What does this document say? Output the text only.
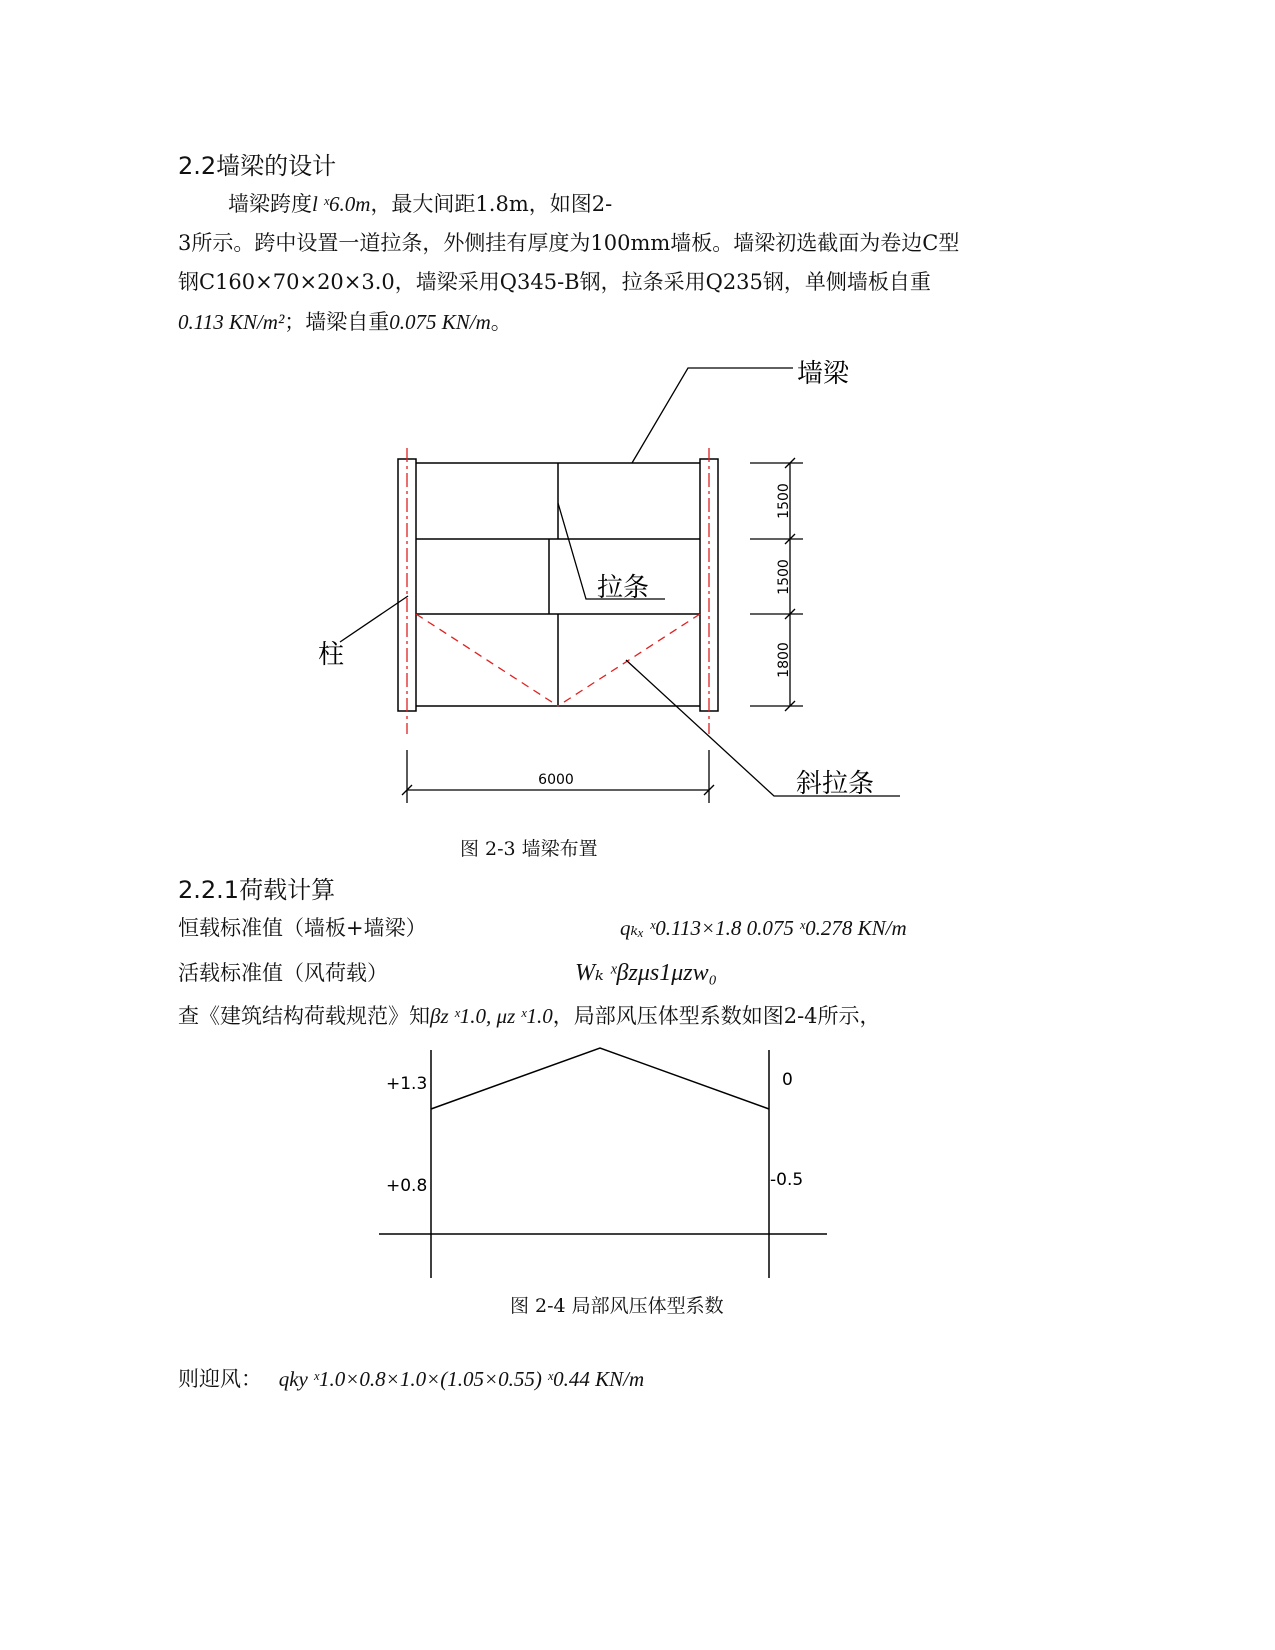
2.2墙梁的设计
墙梁跨度l ˣ6.0m，最大间距1.8m，如图2-
3所示。跨中设置一道拉条，外侧挂有厚度为100mm墙板。墙梁初选截面为卷边C型
钢C160×70×20×3.0，墙梁采用Q345-B钢，拉条采用Q235钢，单侧墙板自重
0.113 KN/m²；墙梁自重0.075 KN/m。
墙梁
拉条
柱
斜拉条
1500
1500
1800
6000
图 2-3 墙梁布置
2.2.1荷载计算
恒载标准值（墙板+墙梁）	qₖₓ ˣ0.113×1.8 0.075 ˣ0.278 KN/m
活载标准值（风荷载）	Wₖ ˣβzμs1μzw₀
查《建筑结构荷载规范》知βz ˣ1.0, μz ˣ1.0，局部风压体型系数如图2-4所示，
+1.3
+0.8
0
-0.5
图 2-4 局部风压体型系数
则迎风： qky ˣ1.0×0.8×1.0×(1.05×0.55) ˣ0.44 KN/m
